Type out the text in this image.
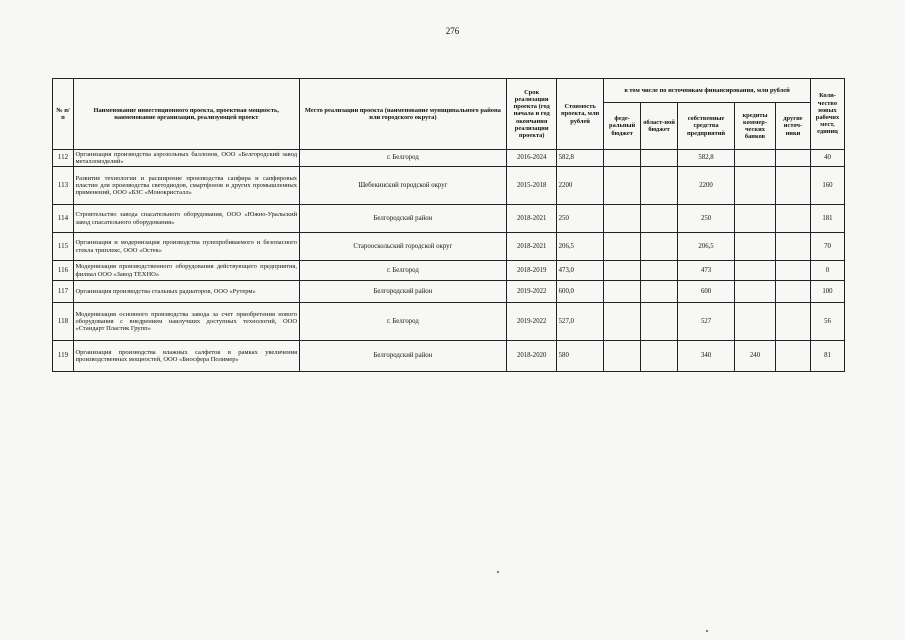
276
№ п/п	Наименование инвестиционного проекта, проектная мощность, наименование организации, реализующей проект	Место реализации проекта (наименование муниципального района или городского округа)	Срок реализации проекта (год начала и год окончания реализации проекта)	Стоимость проекта, млн рублей	в том числе по источникам финансирования, млн рублей					Коли-чество новых рабочих мест, единиц
					феде-ральный бюджет	област-ной бюджет	собственные средства предприятий	кредиты коммер-ческих банков	другие источ-ники	
112	Организация производства аэрозольных баллонов, ООО «Белгородский завод металлоизделий»	г. Белгород	2016-2024	582,8			582,8			40
113	Развитие технологии и расширение производства сапфира и сапфировых пластин для производства светодиодов, смартфонов и других промышленных применений, ООО «БЗС «Монокристалл»	Шебекинский городской округ	2015-2018	2200			2200			160
114	Строительство завода спасательного оборудования, ООО «Южно-Уральский завод спасательного оборудования»	Белгородский район	2018-2021	250			250			181
115	Организация и модернизация производства пулепробиваемого и безопасного стекла триплекс, ООО «Остек»	Старооскольский городской округ	2018-2021	206,5			206,5			70
116	Модернизация производственного оборудования действующего предприятия, филиал ООО «Завод ТЕХНО»	г. Белгород	2018-2019	473,0			473			0
117	Организация производства стальных радиаторов, ООО «Рутерм»	Белгородский район	2019-2022	600,0			600			100
118	Модернизация основного производства завода за счет приобретения нового оборудования с внедрением наилучших доступных технологий, ООО «Стандарт Пластик Групп»	г. Белгород	2019-2022	527,0			527			56
119	Организация производства влажных салфеток в рамках увеличения производственных мощностей, ООО «Биосфера Полимер»	Белгородский район	2018-2020	580			340	240		81
